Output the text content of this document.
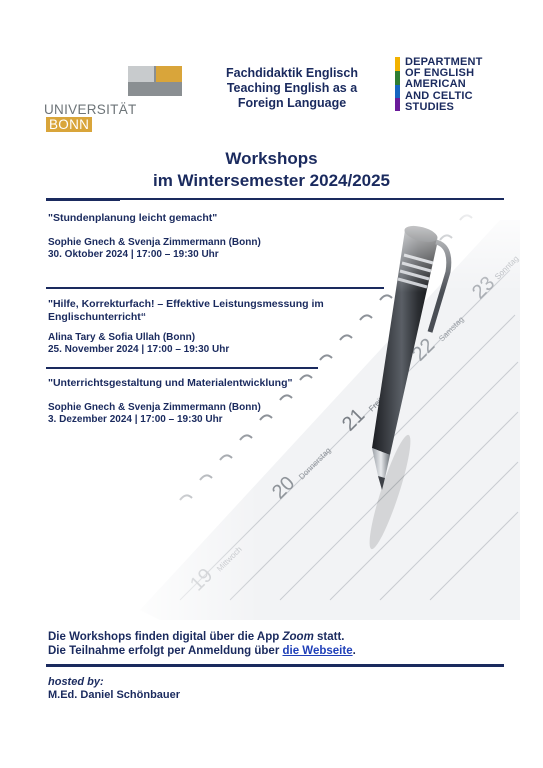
UNIVERSITÄTBONN
Fachdidaktik Englisch
Teaching English as a
Foreign Language
DEPARTMENT
OF ENGLISH
AMERICAN
AND CELTIC
STUDIES
Workshops
im Wintersemester 2024/2025
"Stundenplanung leicht gemacht"
Sophie Gnech & Svenja Zimmermann (Bonn)
30. Oktober 2024 | 17:00 – 19:30 Uhr
"Hilfe, Korrekturfach! – Effektive Leistungsmessung im
Englischunterricht“
Alina Tary & Sofia Ullah (Bonn)
25. November 2024 | 17:00 – 19:30 Uhr
"Unterrichtsgestaltung und Materialentwicklung"
Sophie Gnech & Svenja Zimmermann (Bonn)
3. Dezember 2024 | 17:00 – 19:30 Uhr
Die Workshops finden digital über die App Zoom statt.
Die Teilnahme erfolgt per Anmeldung über die Webseite.
hosted by:
M.Ed. Daniel Schönbauer
